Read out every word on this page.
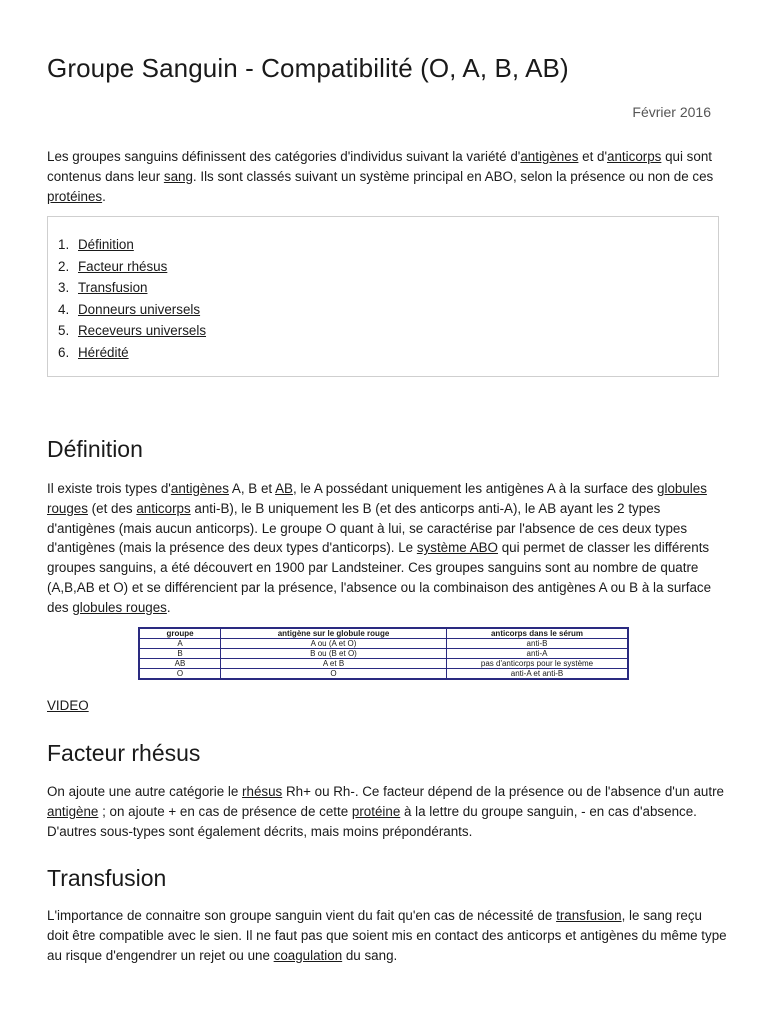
Groupe Sanguin - Compatibilité (O, A, B, AB)
Février 2016

Les groupes sanguins définissent des catégories d'individus suivant la variété d'antigènes et d'anticorps qui sont contenus dans leur sang. Ils sont classés suivant un système principal en ABO, selon la présence ou non de ces protéines.

1. Définition
2. Facteur rhésus
3. Transfusion
4. Donneurs universels
5. Receveurs universels
6. Hérédité
Définition

Il existe trois types d'antigènes A, B et AB, le A possédant uniquement les antigènes A à la surface des globules rouges (et des anticorps anti-B), le B uniquement les B (et des anticorps anti-A), le AB ayant les 2 types d'antigènes (mais aucun anticorps). Le groupe O quant à lui, se caractérise par l'absence de ces deux types d'antigènes (mais la présence des deux types d'anticorps). Le système ABO qui permet de classer les différents groupes sanguins, a été découvert en 1900 par Landsteiner. Ces groupes sanguins sont au nombre de quatre (A,B,AB et O) et se différencient par la présence, l'absence ou la combinaison des antigènes A ou B à la surface des globules rouges.

groupe	antigène sur le globule rouge	anticorps dans le sérum
A	A ou (A et O)	anti-B
B	B ou (B et O)	anti-A
AB	A et B	pas d'anticorps pour le système
O	O	anti-A et anti-B
VIDEO
Facteur rhésus

On ajoute une autre catégorie le rhésus Rh+ ou Rh-. Ce facteur dépend de la présence ou de l'absence d'un autre antigène ; on ajoute + en cas de présence de cette protéine à la lettre du groupe sanguin, - en cas d'absence. D'autres sous-types sont également décrits, mais moins prépondérants.

Transfusion

L'importance de connaitre son groupe sanguin vient du fait qu'en cas de nécessité de transfusion, le sang reçu doit être compatible avec le sien. Il ne faut pas que soient mis en contact des anticorps et antigènes du même type au risque d'engendrer un rejet ou une coagulation du sang.
